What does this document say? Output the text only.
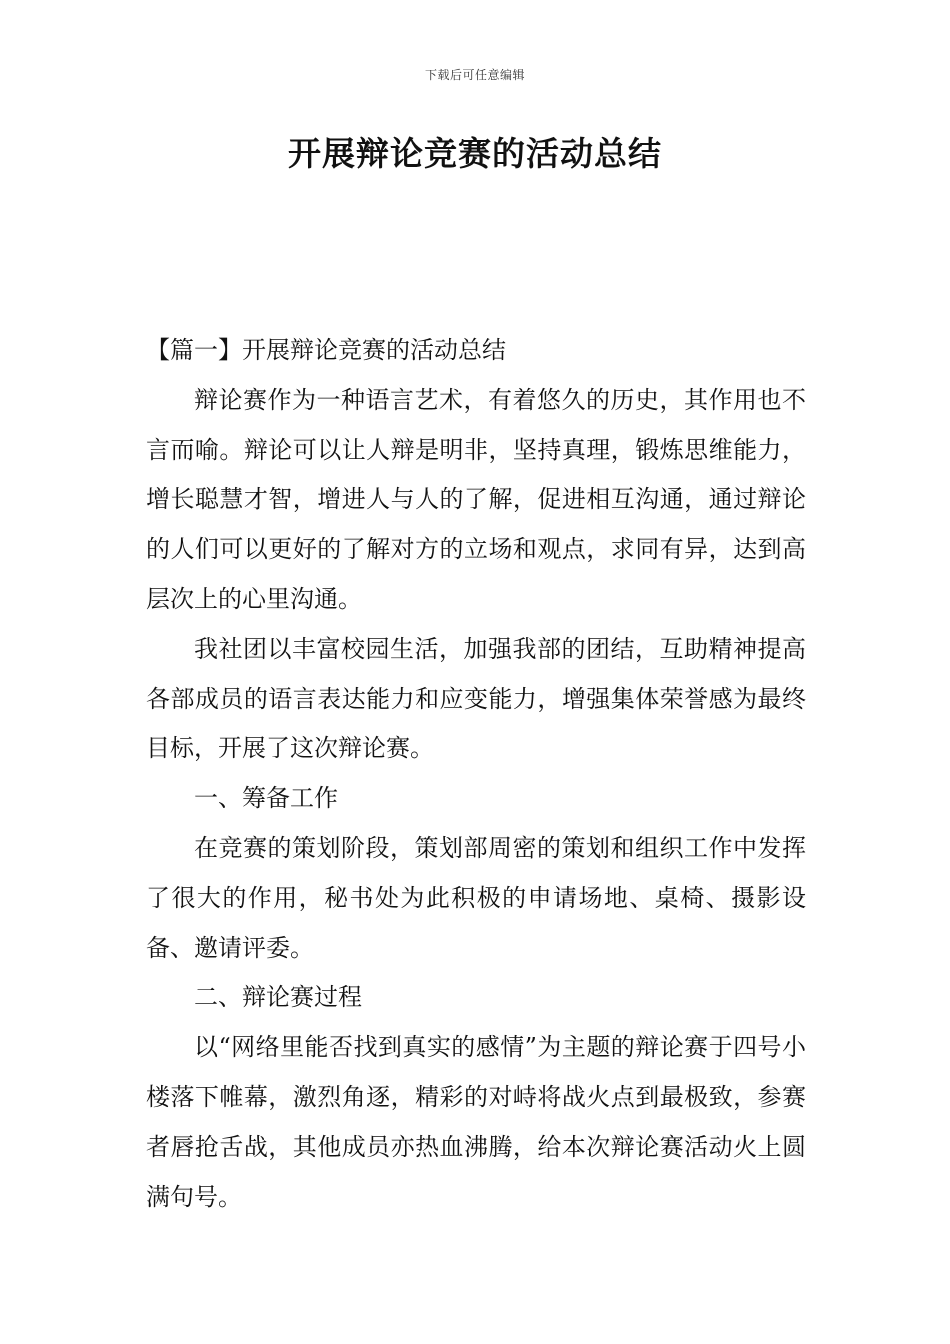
下载后可任意编辑
开展辩论竞赛的活动总结

【篇一】开展辩论竞赛的活动总结

辩论赛作为一种语言艺术，有着悠久的历史，其作用也不言而喻。辩论可以让人辩是明非，坚持真理，锻炼思维能力，增长聪慧才智，增进人与人的了解，促进相互沟通，通过辩论的人们可以更好的了解对方的立场和观点，求同有异，达到高层次上的心里沟通。

我社团以丰富校园生活，加强我部的团结，互助精神提高各部成员的语言表达能力和应变能力，增强集体荣誉感为最终目标，开展了这次辩论赛。

一、筹备工作

在竞赛的策划阶段，策划部周密的策划和组织工作中发挥了很大的作用，秘书处为此积极的申请场地、桌椅、摄影设备、邀请评委。

二、辩论赛过程

以“网络里能否找到真实的感情”为主题的辩论赛于四号小楼落下帷幕，激烈角逐，精彩的对峙将战火点到最极致，参赛者唇抢舌战，其他成员亦热血沸腾，给本次辩论赛活动火上圆满句号。
